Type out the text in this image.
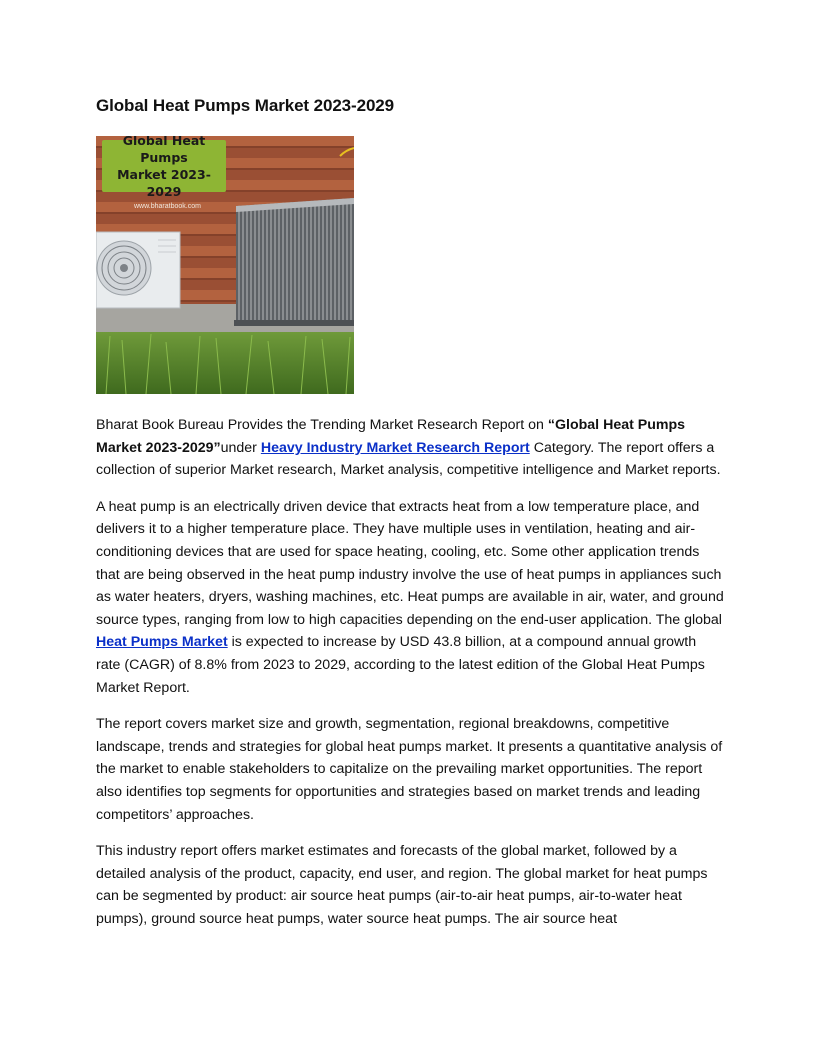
Global Heat Pumps Market 2023-2029
Global Heat Pumps
Market 2023-2029
www.bharatbook.com

Bharat Book Bureau Provides the Trending Market Research Report on “Global Heat Pumps Market 2023-2029”under Heavy Industry Market Research Report Category. The report offers a collection of superior Market research, Market analysis, competitive intelligence and Market reports.

A heat pump is an electrically driven device that extracts heat from a low temperature place, and delivers it to a higher temperature place. They have multiple uses in ventilation, heating and air-conditioning devices that are used for space heating, cooling, etc. Some other application trends that are being observed in the heat pump industry involve the use of heat pumps in appliances such as water heaters, dryers, washing machines, etc. Heat pumps are available in air, water, and ground source types, ranging from low to high capacities depending on the end-user application. The global Heat Pumps Market is expected to increase by USD 43.8 billion, at a compound annual growth rate (CAGR) of 8.8% from 2023 to 2029, according to the latest edition of the Global Heat Pumps Market Report.

The report covers market size and growth, segmentation, regional breakdowns, competitive landscape, trends and strategies for global heat pumps market. It presents a quantitative analysis of the market to enable stakeholders to capitalize on the prevailing market opportunities. The report also identifies top segments for opportunities and strategies based on market trends and leading competitors’ approaches.

This industry report offers market estimates and forecasts of the global market, followed by a detailed analysis of the product, capacity, end user, and region. The global market for heat pumps can be segmented by product: air source heat pumps (air-to-air heat pumps, air-to-water heat pumps), ground source heat pumps, water source heat pumps. The air source heat
